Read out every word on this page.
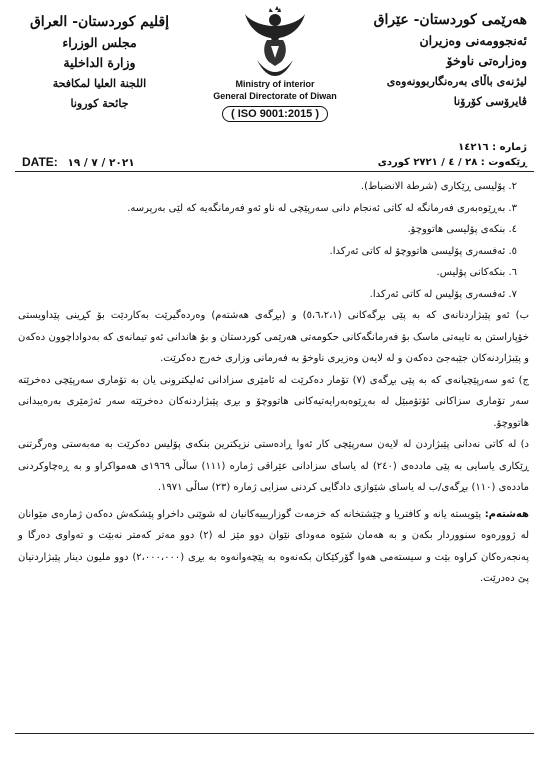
هەرێمی کوردستان- عێراق
ئەنجوومەنی وەزیران
وەزارەتی ناوخۆ
لیژنەی باڵای بەرەنگاربوونەوەی
ڤایرۆسی کۆرۆنا
Ministry of interior
General Directorate of Diwan
( ISO 9001:2015 )
إقليم كوردستان- العراق
مجلس الوزراء
وزارة الداخلية
اللجنة العليا لمكافحة
جائحة كورونا
ژمارە : ١٤٢١٦
ڕێکەوت : ٢٨ / ٤ / ٢٧٢١ کوردی
DATE: ٢٠٢١ / ٧ / ١٩
٢. پۆلیسی ڕێکاری (شرطة الانضباط).
٣. بەڕێوەبەری فەرمانگە لە کاتی ئەنجام دانی سەرپێچی لە ناو ئەو فەرمانگەیە کە لێی بەرپرسە.
٤. بنکەی پۆلیسی هاتووچۆ.
٥. ئەفسەری پۆلیسی هاتووچۆ لە کاتی ئەرکدا.
٦. بنکەکانی پۆلیس.
٧. ئەفسەری پۆلیس لە کاتی ئەرکدا.
ب) ئەو پێبژاردنانەی کە بە پێی بڕگەکانی (٥،٦،٢،١) و (بڕگەی هەشتەم) وەردەگیرێت بەکاردێت بۆ کڕینی پێداویستی خۆپاراستن بە تایبەتی ماسک بۆ فەرمانگەکانی حکومەتی هەرێمی کوردستان و بۆ هاندانی ئەو تیمانەی کە بەدواداچوون دەکەن و پێبژاردنەکان جێبەجێ دەکەن و لە لایەن وەزیری ناوخۆ بە فەرمانی وزاری خەرج دەکرێت.
ج) ئەو سەرپێچیانەی کە بە پێی بڕگەی (٧) تۆمار دەکرێت لە ئامێری سزادانی ئەلیکترونی یان بە تۆماری سەرپێچی دەخرێتە سەر تۆماری سزاکانی ئۆتۆمبێل لە بەڕێوەبەرایەتیەکانی هاتووچۆ و بڕی پێبژاردنەکان دەخرێتە سەر ئەژمێری بەرەیبدانی هاتووچۆ.
د) لە کاتی نەدانی پێبژاردن لە لایەن سەرپێچی کار ئەوا ڕادەستی نزیکترین بنکەی پۆلیس دەکرێت بە مەبەستی وەرگرتنی ڕێکاری یاسایی بە پێی ماددەی (٢٤٠) لە یاسای سزادانی عێراقی ژمارە (١١١) ساڵی ١٩٦٩ی هەمواکراو و بە ڕەچاوکردنی ماددەی (١١٠) بڕگەی/ب لە یاسای شێوازی دادگایی کردنی سزایی ژمارە (٢٣) ساڵی ١٩٧١.
هەشتەم: پێویستە یانە و کافتریا و چێشتخانە کە خزمەت گوزاریییەکانیان لە شوێنی داخراو پێشکەش دەکەن ژمارەی مێوانان لە ژوورەوە سنووردار بکەن و بە هەمان شێوە مەودای نێوان دوو مێز لە (٢) دوو مەتر کەمتر نەبێت و تەواوی دەرگا و پەنجەرەکان کراوە بێت و سیستەمی هەوا گۆرکێکان بکەنەوە بە پێچەوانەوە بە بڕی (٢،٠٠٠،٠٠٠) دوو ملیون دینار پێبژاردنیان پێ دەدرێت.
